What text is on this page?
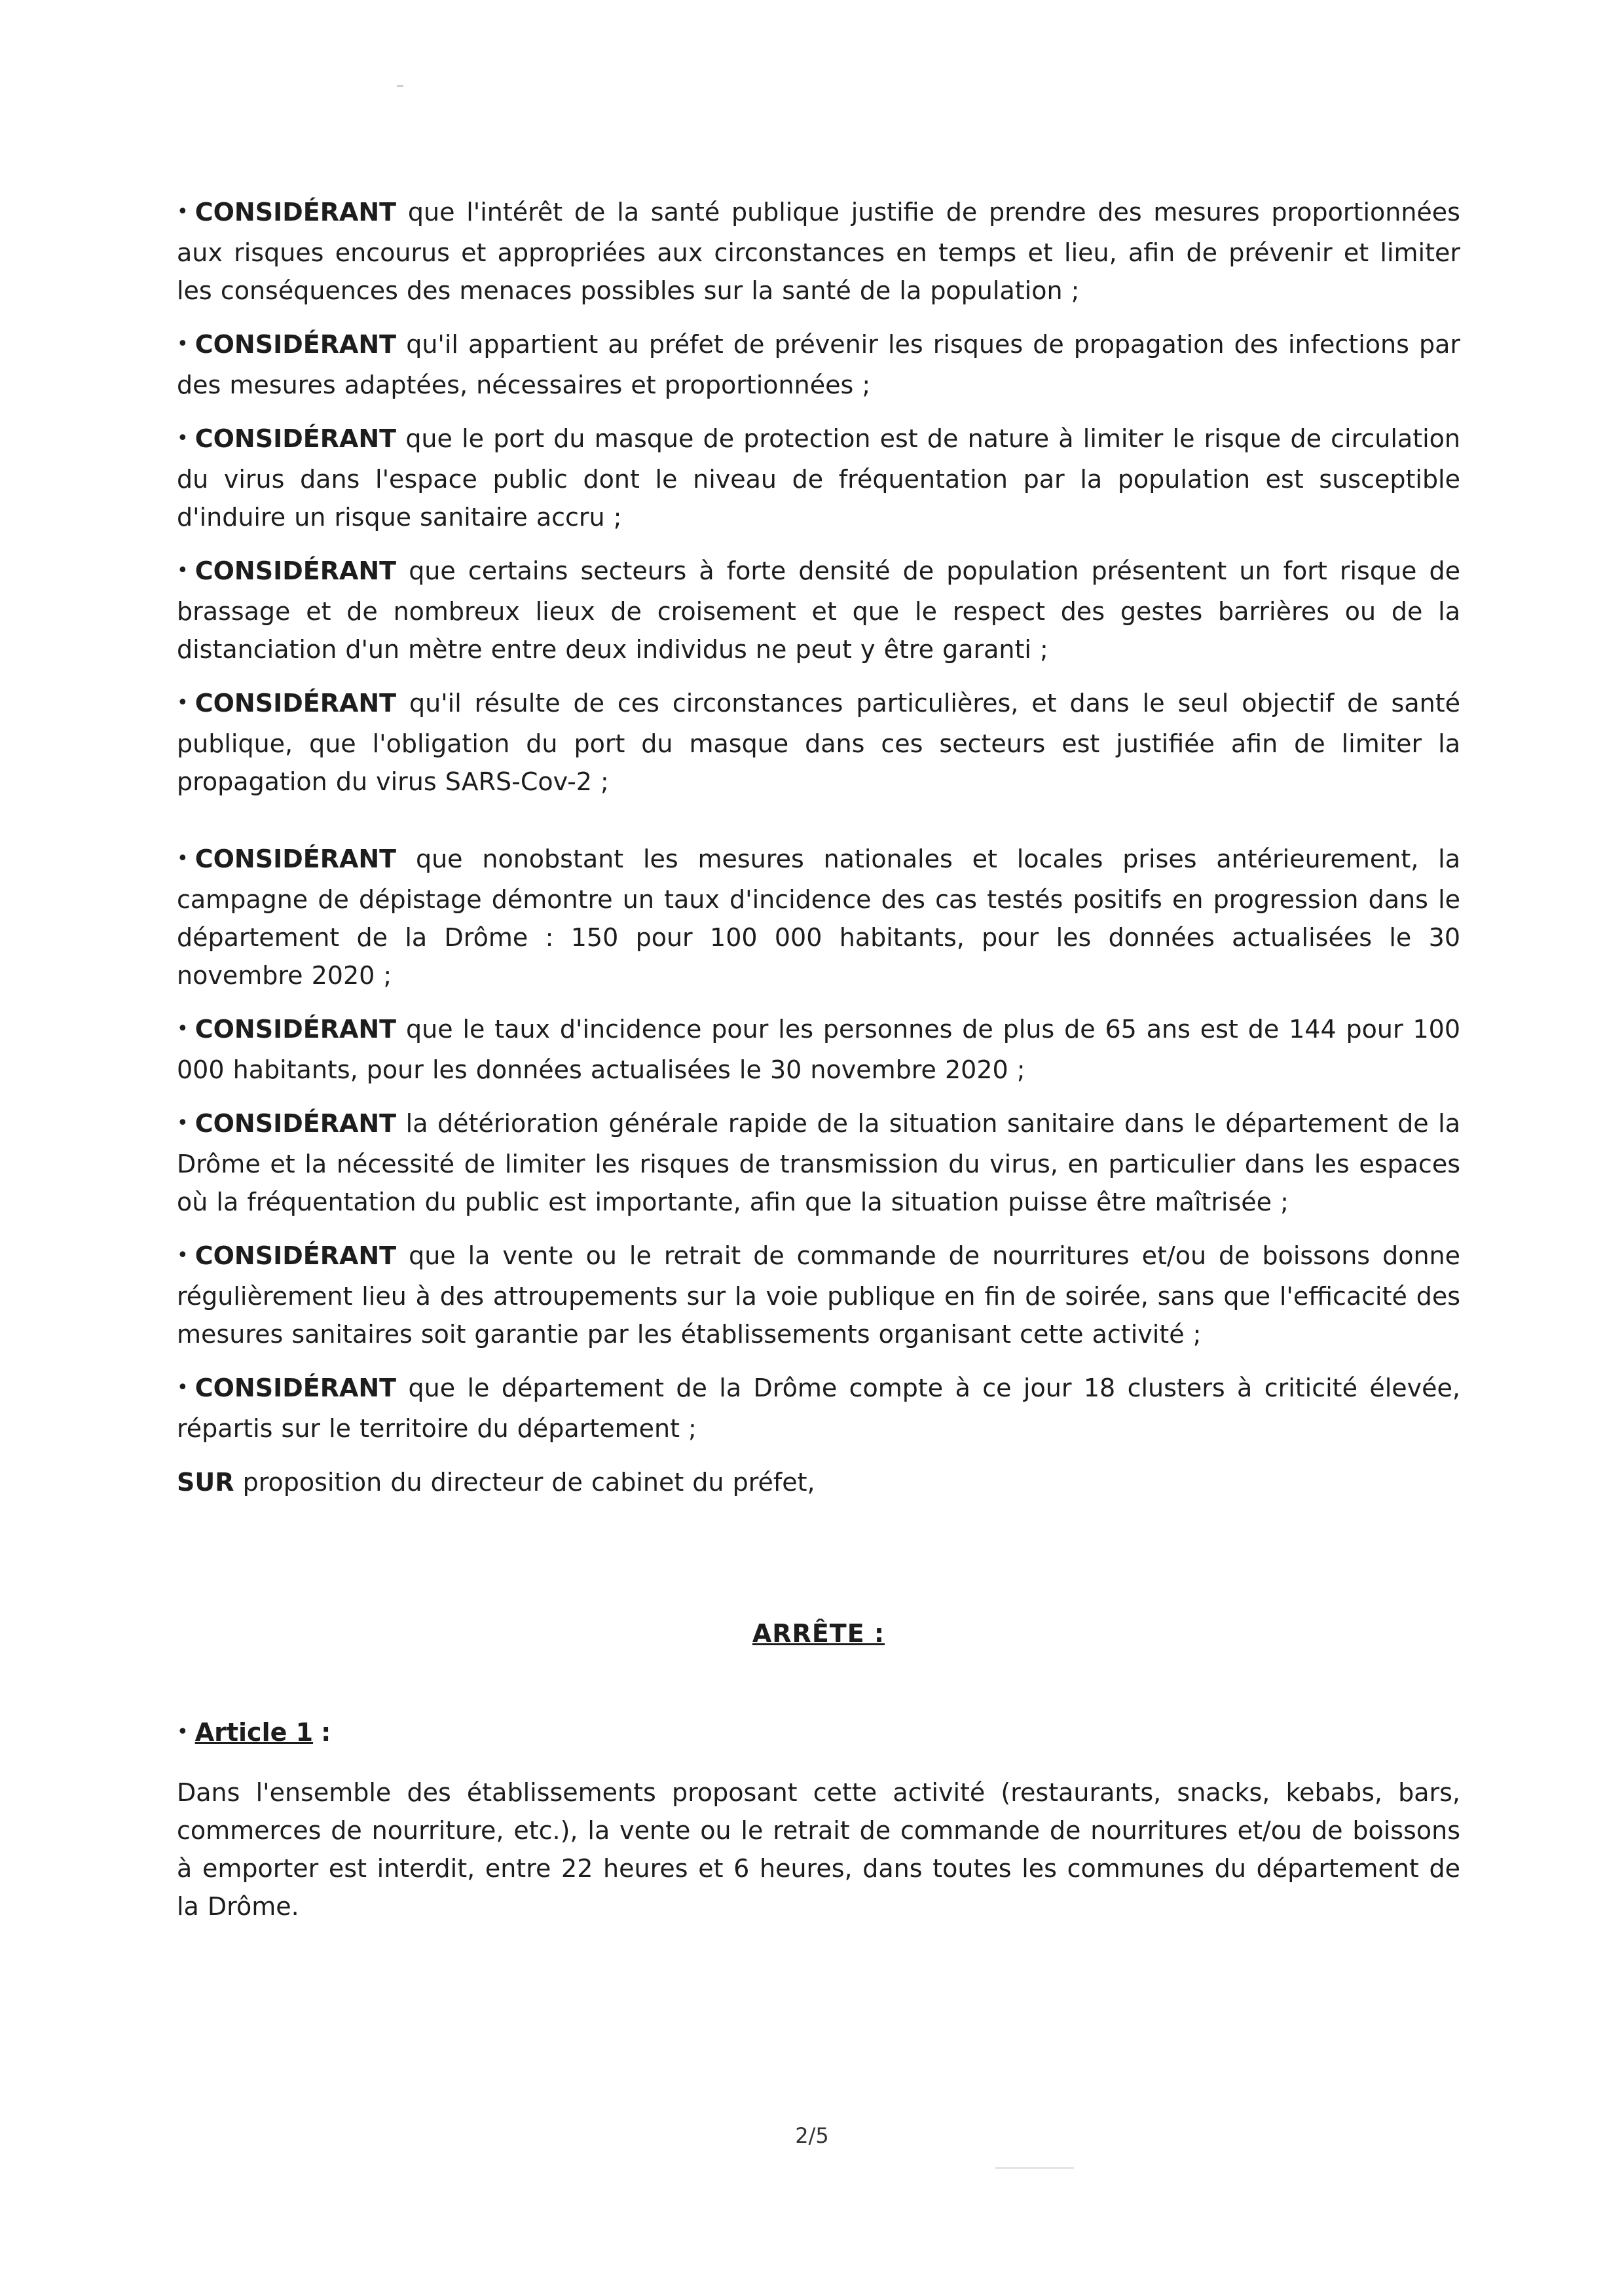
• CONSIDÉRANT que l'intérêt de la santé publique justifie de prendre des mesures proportionnées aux risques encourus et appropriées aux circonstances en temps et lieu, afin de prévenir et limiter les conséquences des menaces possibles sur la santé de la population ;

• CONSIDÉRANT qu'il appartient au préfet de prévenir les risques de propagation des infections par des mesures adaptées, nécessaires et proportionnées ;

• CONSIDÉRANT que le port du masque de protection est de nature à limiter le risque de circulation du virus dans l'espace public dont le niveau de fréquentation par la population est susceptible d'induire un risque sanitaire accru ;

• CONSIDÉRANT que certains secteurs à forte densité de population présentent un fort risque de brassage et de nombreux lieux de croisement et que le respect des gestes barrières ou de la distanciation d'un mètre entre deux individus ne peut y être garanti ;

• CONSIDÉRANT qu'il résulte de ces circonstances particulières, et dans le seul objectif de santé publique, que l'obligation du port du masque dans ces secteurs est justifiée afin de limiter la propagation du virus SARS-Cov-2 ;

• CONSIDÉRANT que nonobstant les mesures nationales et locales prises antérieurement, la campagne de dépistage démontre un taux d'incidence des cas testés positifs en progression dans le département de la Drôme : 150 pour 100 000 habitants, pour les données actualisées le 30 novembre 2020 ;

• CONSIDÉRANT que le taux d'incidence pour les personnes de plus de 65 ans est de 144 pour 100 000 habitants, pour les données actualisées le 30 novembre 2020 ;

• CONSIDÉRANT la détérioration générale rapide de la situation sanitaire dans le département de la Drôme et la nécessité de limiter les risques de transmission du virus, en particulier dans les espaces où la fréquentation du public est importante, afin que la situation puisse être maîtrisée ;

• CONSIDÉRANT que la vente ou le retrait de commande de nourritures et/ou de boissons donne régulièrement lieu à des attroupements sur la voie publique en fin de soirée, sans que l'efficacité des mesures sanitaires soit garantie par les établissements organisant cette activité ;

• CONSIDÉRANT que le département de la Drôme compte à ce jour 18 clusters à criticité élevée, répartis sur le territoire du département ;

SUR proposition du directeur de cabinet du préfet,

ARRÊTE :

• Article 1 :

Dans l'ensemble des établissements proposant cette activité (restaurants, snacks, kebabs, bars, commerces de nourriture, etc.), la vente ou le retrait de commande de nourritures et/ou de boissons à emporter est interdit, entre 22 heures et 6 heures, dans toutes les communes du département de la Drôme.

2/5
